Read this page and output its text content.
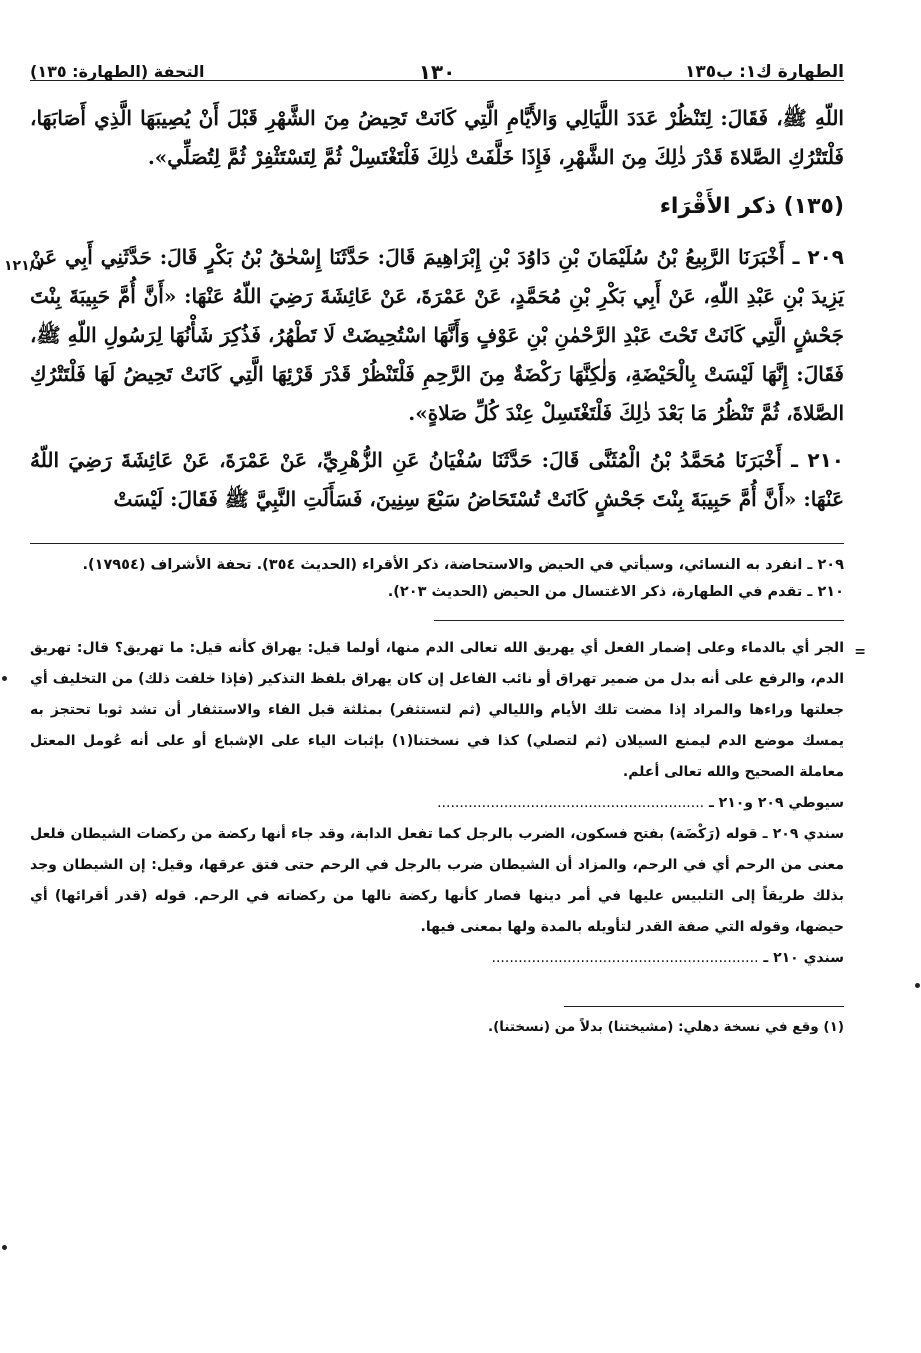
الطهارة ك١: ب١٣٥
١٣٠
التحفة (الطهارة: ١٣٥)

اللّهِ ﷺ، فَقَالَ: لِتَنْظُرْ عَدَدَ اللَّيَالِي وَالأَيَّامِ الَّتِي كَانَتْ تَحِيضُ مِنَ الشَّهْرِ قَبْلَ أَنْ يُصِيبَهَا الَّذِي أَصَابَهَا، فَلْتَتْرُكِ الصَّلاةَ قَدْرَ ذٰلِكَ مِنَ الشَّهْرِ، فَإِذَا خَلَّفَتْ ذٰلِكَ فَلْتَغْتَسِلْ ثُمَّ لِتَسْتَثْفِرْ ثُمَّ لِتُصَلِّي».

(١٣٥) ذكر الأَقْرَاء
١٢١/١	٢٠٩ ـ أَخْبَرَنَا الرَّبِيعُ بْنُ سُلَيْمَانَ بْنِ دَاوُدَ بْنِ إِبْرَاهِيمَ قَالَ: حَدَّثَنَا إِسْحٰقُ بْنُ بَكْرٍ قَالَ: حَدَّثَنِي أَبِي عَنْ يَزِيدَ بْنِ عَبْدِ اللّهِ، عَنْ أَبِي بَكْرِ بْنِ مُحَمَّدٍ، عَنْ عَمْرَةَ، عَنْ عَائِشَةَ رَضِيَ اللّهُ عَنْهَا: «أَنَّ أُمَّ حَبِيبَةَ بِنْتَ جَحْشٍ الَّتِي كَانَتْ تَحْتَ عَبْدِ الرَّحْمٰنِ بْنِ عَوْفٍ وَأَنَّهَا اسْتُحِيضَتْ لَا تَطْهُرُ، فَذُكِرَ شَأْنُهَا لِرَسُولِ اللّهِ ﷺ، فَقَالَ: إِنَّهَا لَيْسَتْ بِالْحَيْضَةِ، وَلٰكِنَّهَا رَكْضَةٌ مِنَ الرَّحِمِ فَلْتَنْظُرْ قَدْرَ قَرْئِهَا الَّتِي كَانَتْ تَحِيضُ لَهَا فَلْتَتْرُكِ الصَّلاةَ، ثُمَّ تَنْظُرُ مَا بَعْدَ ذٰلِكَ فَلْتَغْتَسِلْ عِنْدَ كُلِّ صَلاةٍ».

٢١٠ ـ أَخْبَرَنَا مُحَمَّدُ بْنُ الْمُثَنَّى قَالَ: حَدَّثَنَا سُفْيَانُ عَنِ الزُّهْرِيِّ، عَنْ عَمْرَةَ، عَنْ عَائِشَةَ رَضِيَ اللّهُ عَنْهَا: «أَنَّ أُمَّ حَبِيبَةَ بِنْتَ جَحْشٍ كَانَتْ تُسْتَحَاضُ سَبْعَ سِنِينَ، فَسَأَلَتِ النَّبِيَّ ﷺ فَقَالَ: لَيْسَتْ

٢٠٩ ـ انفرد به النسائي، وسيأتي في الحيض والاستحاضة، ذكر الأقراء (الحديث ٣٥٤). تحفة الأشراف (١٧٩٥٤).

٢١٠ ـ تقدم في الطهارة، ذكر الاغتسال من الحيض (الحديث ٢٠٣).

=

الجر أي بالدماء وعلى إضمار الفعل أي يهريق الله تعالى الدم منها، أولما قيل: يهراق كأنه قيل: ما تهريق؟ قال: تهريق الدم، والرفع على أنه بدل من ضمير تهراق أو نائب الفاعل إن كان يهراق بلفظ التذكير (فإذا خلفت ذلك) من التخليف أي جعلتها وراءها والمراد إذا مضت تلك الأيام والليالي (ثم لتستثفر) بمثلثة قبل الفاء والاستثفار أن تشد ثوبا تحتجز به يمسك موضع الدم ليمنع السيلان (ثم لتصلي) كذا في نسختنا(١) بإثبات الياء على الإشباع أو على أنه عُومل المعتل معاملة الصحيح والله تعالى أعلم.

سيوطي ٢٠٩ و٢١٠ ـ ............................................................

سندي ٢٠٩ ـ قوله (رَكْضَة) بفتح فسكون، الضرب بالرجل كما تفعل الدابة، وقد جاء أنها ركضة من ركضات الشيطان فلعل معنى من الرحم أي في الرحم، والمزاد أن الشيطان ضرب بالرجل في الرحم حتى فتق عرقها، وقيل: إن الشيطان وجد بذلك طريقاً إلى التلبيس عليها في أمر دينها فصار كأنها ركضة نالها من ركضاته في الرحم. قوله (قدر أقرائها) أي حيضها، وقوله التي صفة القدر لتأويله بالمدة ولها بمعنى فيها.

سندي ٢١٠ ـ ............................................................

(١) وقع في نسخة دهلي: (مشيختنا) بدلاً من (نسختنا).
